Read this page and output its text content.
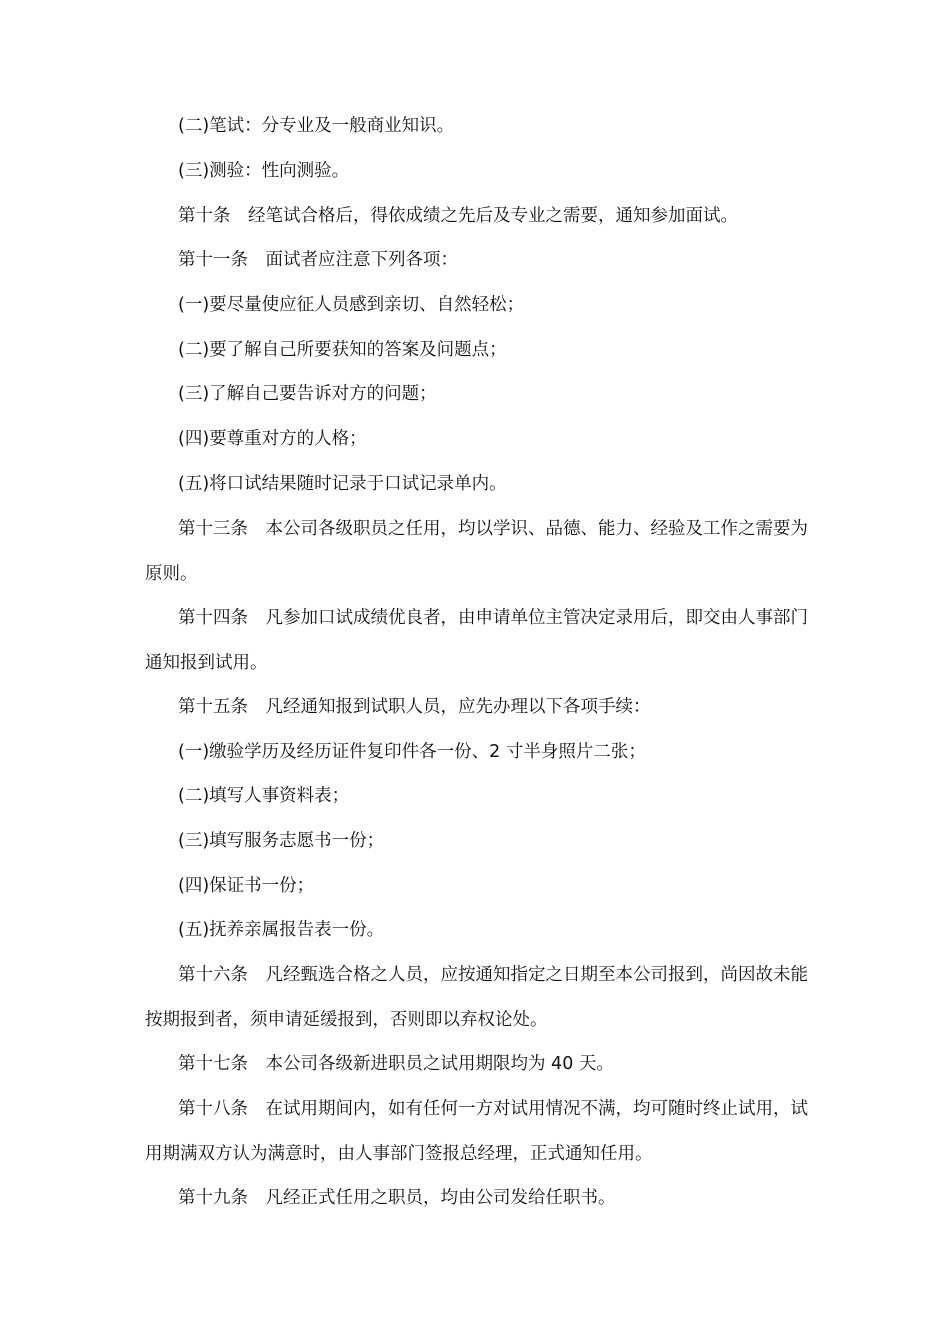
(二)笔试：分专业及一般商业知识。

(三)测验：性向测验。

第十条　经笔试合格后，得依成绩之先后及专业之需要，通知参加面试。

第十一条　面试者应注意下列各项：

(一)要尽量使应征人员感到亲切、自然轻松；

(二)要了解自己所要获知的答案及问题点；

(三)了解自己要告诉对方的问题；

(四)要尊重对方的人格；

(五)将口试结果随时记录于口试记录单内。

第十三条　本公司各级职员之任用，均以学识、品德、能力、经验及工作之需要为原则。

第十四条　凡参加口试成绩优良者，由申请单位主管决定录用后，即交由人事部门通知报到试用。

第十五条　凡经通知报到试职人员，应先办理以下各项手续：

(一)缴验学历及经历证件复印件各一份、2 寸半身照片二张；

(二)填写人事资料表；

(三)填写服务志愿书一份；

(四)保证书一份；

(五)抚养亲属报告表一份。

第十六条　凡经甄选合格之人员，应按通知指定之日期至本公司报到，尚因故未能按期报到者，须申请延缓报到，否则即以弃权论处。

第十七条　本公司各级新进职员之试用期限均为 40 天。

第十八条　在试用期间内，如有任何一方对试用情况不满，均可随时终止试用，试用期满双方认为满意时，由人事部门签报总经理，正式通知任用。

第十九条　凡经正式任用之职员，均由公司发给任职书。
